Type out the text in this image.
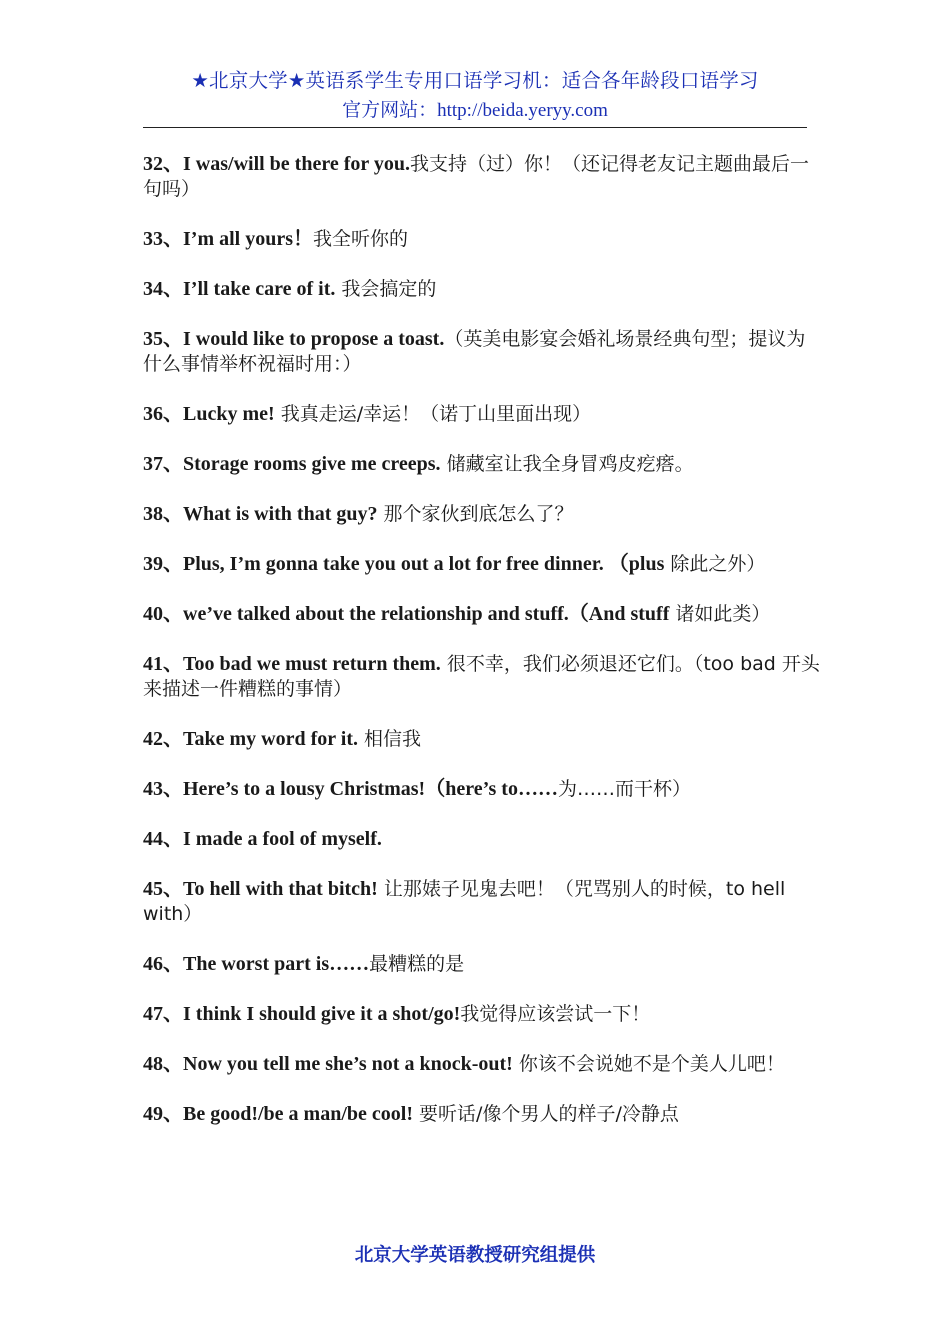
★北京大学★英语系学生专用口语学习机：适合各年龄段口语学习
官方网站：http://beida.yeryy.com
32、I was/will be there for you.我支持（过）你！（还记得老友记主题曲最后一句吗）
33、I’m all yours！我全听你的
34、I’ll take care of it. 我会搞定的
35、I would like to propose a toast.（英美电影宴会婚礼场景经典句型；提议为什么事情举杯祝福时用：）
36、Lucky me! 我真走运/幸运！（诺丁山里面出现）
37、Storage rooms give me creeps. 储藏室让我全身冒鸡皮疙瘩。
38、What is with that guy? 那个家伙到底怎么了？
39、Plus, I’m gonna take you out a lot for free dinner. （plus 除此之外）
40、we’ve talked about the relationship and stuff.（And stuff 诸如此类）
41、Too bad we must return them. 很不幸，我们必须退还它们。（too bad 开头来描述一件糟糕的事情）
42、Take my word for it. 相信我
43、Here’s to a lousy Christmas!（here’s to……为……而干杯）
44、I made a fool of myself.
45、To hell with that bitch! 让那婊子见鬼去吧！（咒骂别人的时候，to hell with）
46、The worst part is……最糟糕的是
47、I think I should give it a shot/go!我觉得应该尝试一下！
48、Now you tell me she’s not a knock-out! 你该不会说她不是个美人儿吧！
49、Be good!/be a man/be cool! 要听话/像个男人的样子/冷静点
北京大学英语教授研究组提供
